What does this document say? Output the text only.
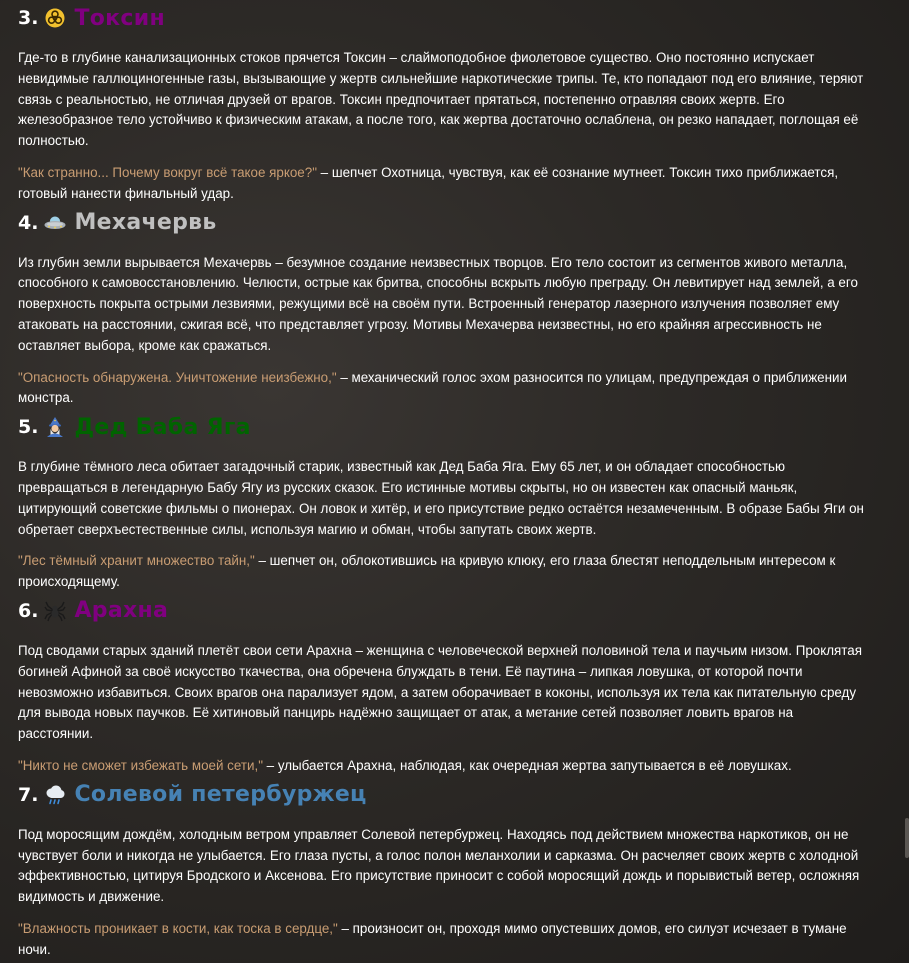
3. Токсин

Где-то в глубине канализационных стоков прячется Токсин – слаймоподобное фиолетовое существо. Оно постоянно испускает невидимые галлюциногенные газы, вызывающие у жертв сильнейшие наркотические трипы. Те, кто попадают под его влияние, теряют связь с реальностью, не отличая друзей от врагов. Токсин предпочитает прятаться, постепенно отравляя своих жертв. Его железобразное тело устойчиво к физическим атакам, а после того, как жертва достаточно ослаблена, он резко нападает, поглощая её полностью.

"Как странно... Почему вокруг всё такое яркое?" – шепчет Охотница, чувствуя, как её сознание мутнеет. Токсин тихо приближается, готовый нанести финальный удар.

4. Мехачервь

Из глубин земли вырывается Мехачервь – безумное создание неизвестных творцов. Его тело состоит из сегментов живого металла, способного к самовосстановлению. Челюсти, острые как бритва, способны вскрыть любую преграду. Он левитирует над землей, а его поверхность покрыта острыми лезвиями, режущими всё на своём пути. Встроенный генератор лазерного излучения позволяет ему атаковать на расстоянии, сжигая всё, что представляет угрозу. Мотивы Мехачерва неизвестны, но его крайняя агрессивность не оставляет выбора, кроме как сражаться.

"Опасность обнаружена. Уничтожение неизбежно," – механический голос эхом разносится по улицам, предупреждая о приближении монстра.

5. Дед Баба Яга

В глубине тёмного леса обитает загадочный старик, известный как Дед Баба Яга. Ему 65 лет, и он обладает способностью превращаться в легендарную Бабу Ягу из русских сказок. Его истинные мотивы скрыты, но он известен как опасный маньяк, цитирующий советские фильмы о пионерах. Он ловок и хитёр, и его присутствие редко остаётся незамеченным. В образе Бабы Яги он обретает сверхъестественные силы, используя магию и обман, чтобы запутать своих жертв.

"Лес тёмный хранит множество тайн," – шепчет он, облокотившись на кривую клюку, его глаза блестят неподдельным интересом к происходящему.

6. Арахна

Под сводами старых зданий плетёт свои сети Арахна – женщина с человеческой верхней половиной тела и паучьим низом. Проклятая богиней Афиной за своё искусство ткачества, она обречена блуждать в тени. Её паутина – липкая ловушка, от которой почти невозможно избавиться. Своих врагов она парализует ядом, а затем оборачивает в коконы, используя их тела как питательную среду для вывода новых паучков. Её хитиновый панцирь надёжно защищает от атак, а метание сетей позволяет ловить врагов на расстоянии.

"Никто не сможет избежать моей сети," – улыбается Арахна, наблюдая, как очередная жертва запутывается в её ловушках.

7. Солевой петербуржец

Под моросящим дождём, холодным ветром управляет Солевой петербуржец. Находясь под действием множества наркотиков, он не чувствует боли и никогда не улыбается. Его глаза пусты, а голос полон меланхолии и сарказма. Он расчеляет своих жертв с холодной эффективностью, цитируя Бродского и Аксенова. Его присутствие приносит с собой моросящий дождь и порывистый ветер, осложняя видимость и движение.

"Влажность проникает в кости, как тоска в сердце," – произносит он, проходя мимо опустевших домов, его силуэт исчезает в тумане ночи.
